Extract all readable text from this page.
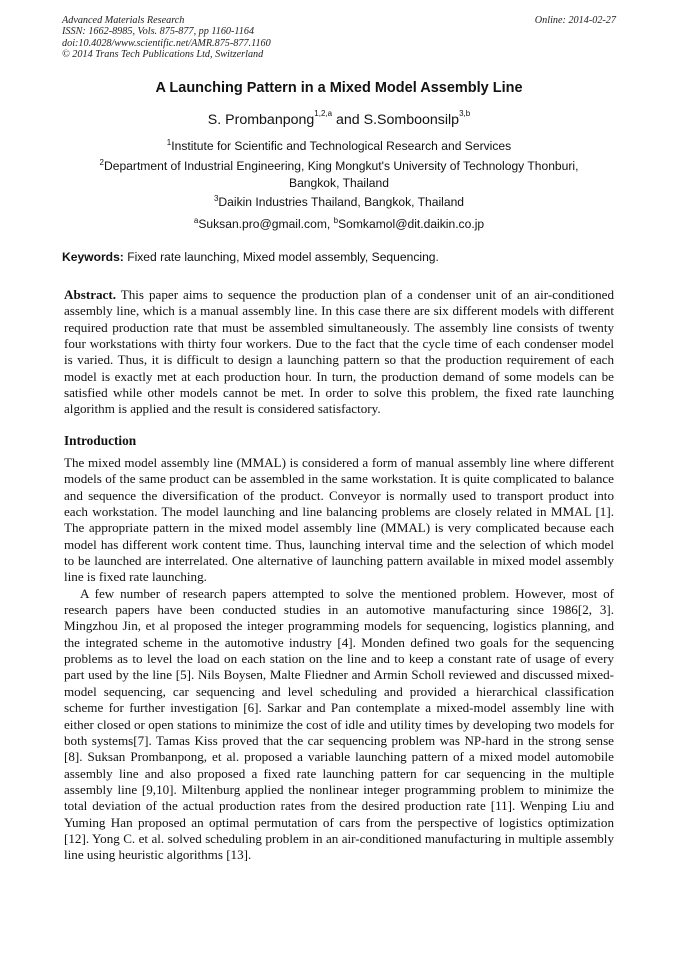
Advanced Materials Research
ISSN: 1662-8985, Vols. 875-877, pp 1160-1164
doi:10.4028/www.scientific.net/AMR.875-877.1160
© 2014 Trans Tech Publications Ltd, Switzerland
Online: 2014-02-27
A Launching Pattern in a Mixed Model Assembly Line
S. Prombanpong$^{1,2,a}$ and S.Somboonsilp$^{3,b}$
$^1$Institute for Scientific and Technological Research and Services
$^2$Department of Industrial Engineering, King Mongkut's University of Technology Thonburi,
Bangkok, Thailand
$^3$Daikin Industries Thailand, Bangkok, Thailand
$^a$Suksan.pro@gmail.com, $^b$Somkamol@dit.daikin.co.jp
Keywords: Fixed rate launching, Mixed model assembly, Sequencing.
Abstract. This paper aims to sequence the production plan of a condenser unit of an air-conditioned assembly line, which is a manual assembly line. In this case there are six different models with different required production rate that must be assembled simultaneously. The assembly line consists of twenty four workstations with thirty four workers. Due to the fact that the cycle time of each condenser model is varied. Thus, it is difficult to design a launching pattern so that the production requirement of each model is exactly met at each production hour. In turn, the production demand of some models can be satisfied while other models cannot be met. In order to solve this problem, the fixed rate launching algorithm is applied and the result is considered satisfactory.
Introduction
The mixed model assembly line (MMAL) is considered a form of manual assembly line where different models of the same product can be assembled in the same workstation. It is quite complicated to balance and sequence the diversification of the product. Conveyor is normally used to transport product into each workstation. The model launching and line balancing problems are closely related in MMAL [1]. The appropriate pattern in the mixed model assembly line (MMAL) is very complicated because each model has different work content time. Thus, launching interval time and the selection of which model to be launched are interrelated. One alternative of launching pattern available in mixed model assembly line is fixed rate launching.
A few number of research papers attempted to solve the mentioned problem. However, most of research papers have been conducted studies in an automotive manufacturing since 1986[2, 3]. Mingzhou Jin, et al proposed the integer programming models for sequencing, logistics planning, and the integrated scheme in the automotive industry [4]. Monden defined two goals for the sequencing problems as to level the load on each station on the line and to keep a constant rate of usage of every part used by the line [5]. Nils Boysen, Malte Fliedner and Armin Scholl reviewed and discussed mixed-model sequencing, car sequencing and level scheduling and provided a hierarchical classification scheme for further investigation [6]. Sarkar and Pan contemplate a mixed-model assembly line with either closed or open stations to minimize the cost of idle and utility times by developing two models for both systems[7]. Tamas Kiss proved that the car sequencing problem was NP-hard in the strong sense [8]. Suksan Prombanpong, et al. proposed a variable launching pattern of a mixed model automobile assembly line and also proposed a fixed rate launching pattern for car sequencing in the multiple assembly line [9,10]. Miltenburg applied the nonlinear integer programming problem to minimize the total deviation of the actual production rates from the desired production rate [11]. Wenping Liu and Yuming Han proposed an optimal permutation of cars from the perspective of logistics optimization [12]. Yong C. et al. solved scheduling problem in an air-conditioned manufacturing in multiple assembly line using heuristic algorithms [13].
